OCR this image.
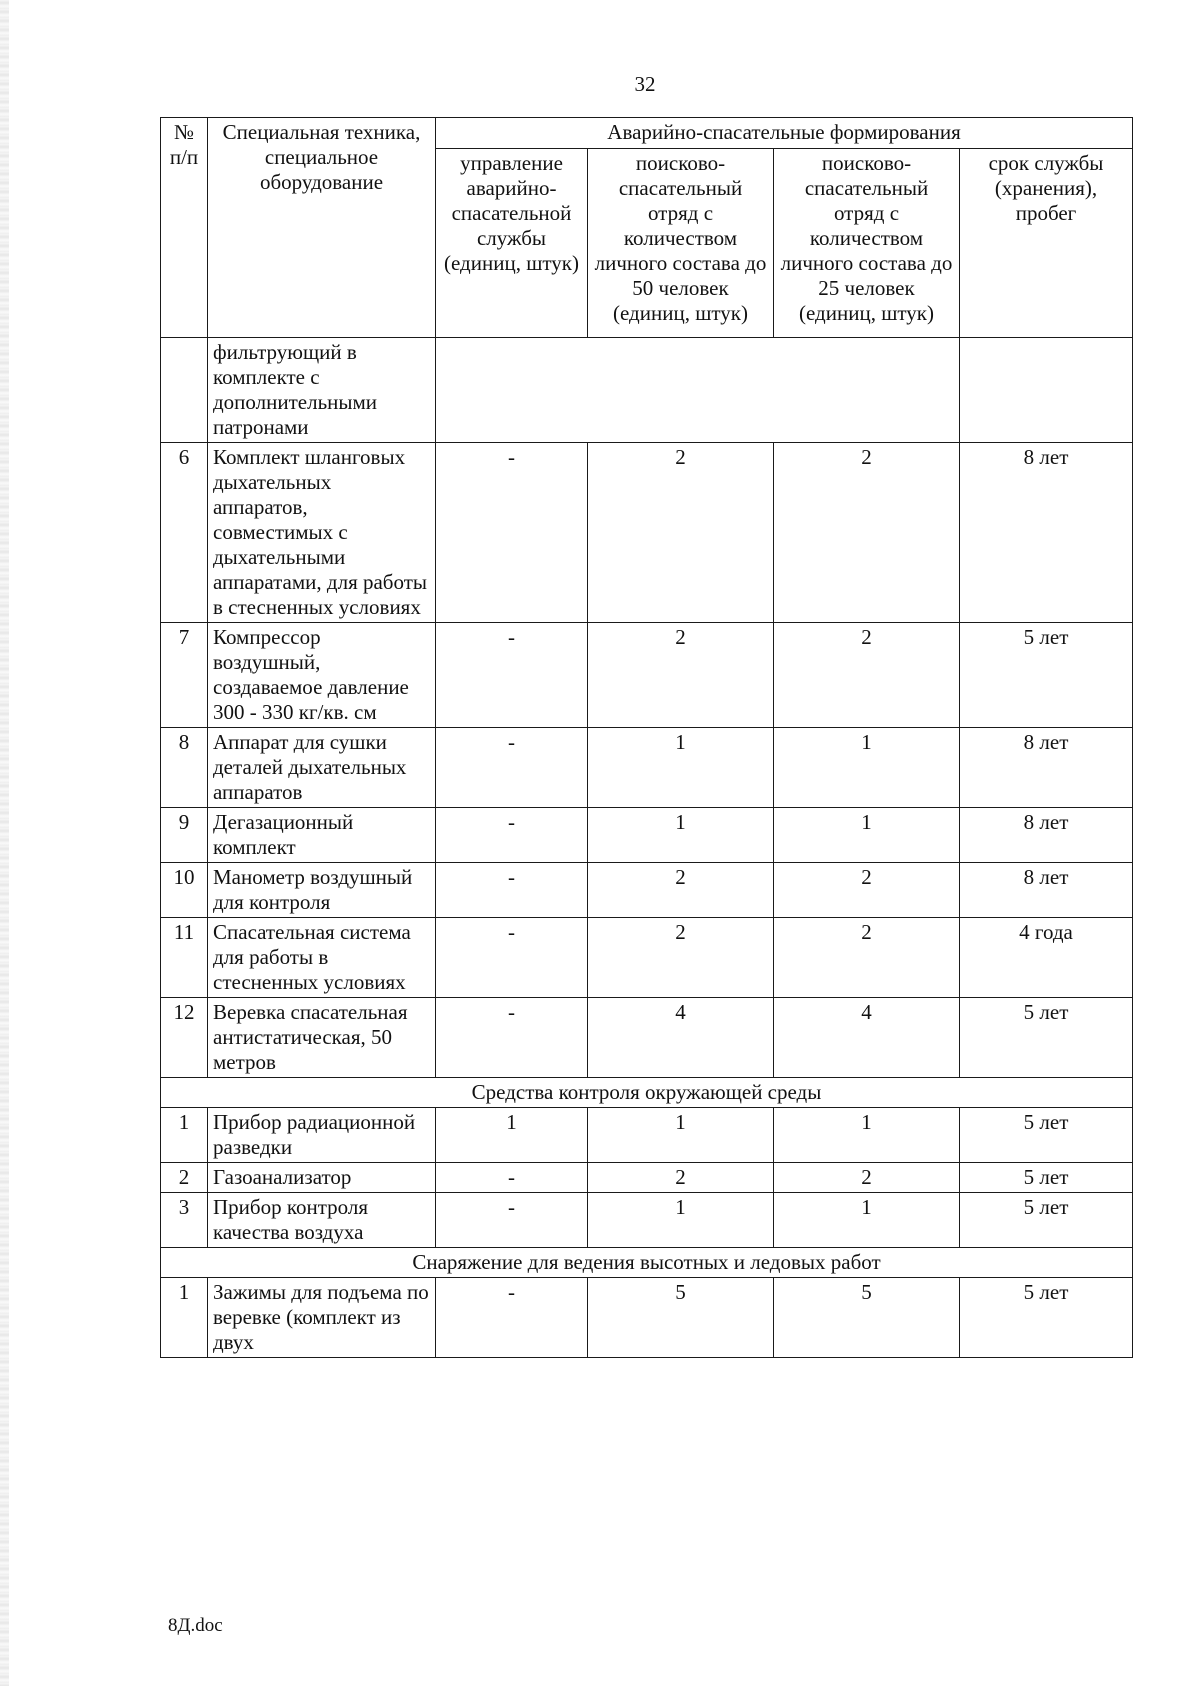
32
№ п/п	Специальная техника, специальное оборудование	Аварийно-спасательные формирования			
		управление аварийно-спасательной службы (единиц, штук)	поисково-спасательный отряд с количеством личного состава до 50 человек (единиц, штук)	поисково-спасательный отряд с количеством личного состава до 25 человек (единиц, штук)	срок службы (хранения), пробег
	фильтрующий в комплекте с дополнительными патронами				
6	Комплект шланговых дыхательных аппаратов, совместимых с дыхательными аппаратами, для работы в стесненных условиях	-	2	2	8 лет
7	Компрессор воздушный, создаваемое давление 300 - 330 кг/кв. см	-	2	2	5 лет
8	Аппарат для сушки деталей дыхательных аппаратов	-	1	1	8 лет
9	Дегазационный комплект	-	1	1	8 лет
10	Манометр воздушный для контроля	-	2	2	8 лет
11	Спасательная система для работы в стесненных условиях	-	2	2	4 года
12	Веревка спасательная антистатическая, 50 метров	-	4	4	5 лет
Средства контроля окружающей среды					
1	Прибор радиационной разведки	1	1	1	5 лет
2	Газоанализатор	-	2	2	5 лет
3	Прибор контроля качества воздуха	-	1	1	5 лет
Снаряжение для ведения высотных и ледовых работ					
1	Зажимы для подъема по веревке (комплект из двух	-	5	5	5 лет
8Д.doc
